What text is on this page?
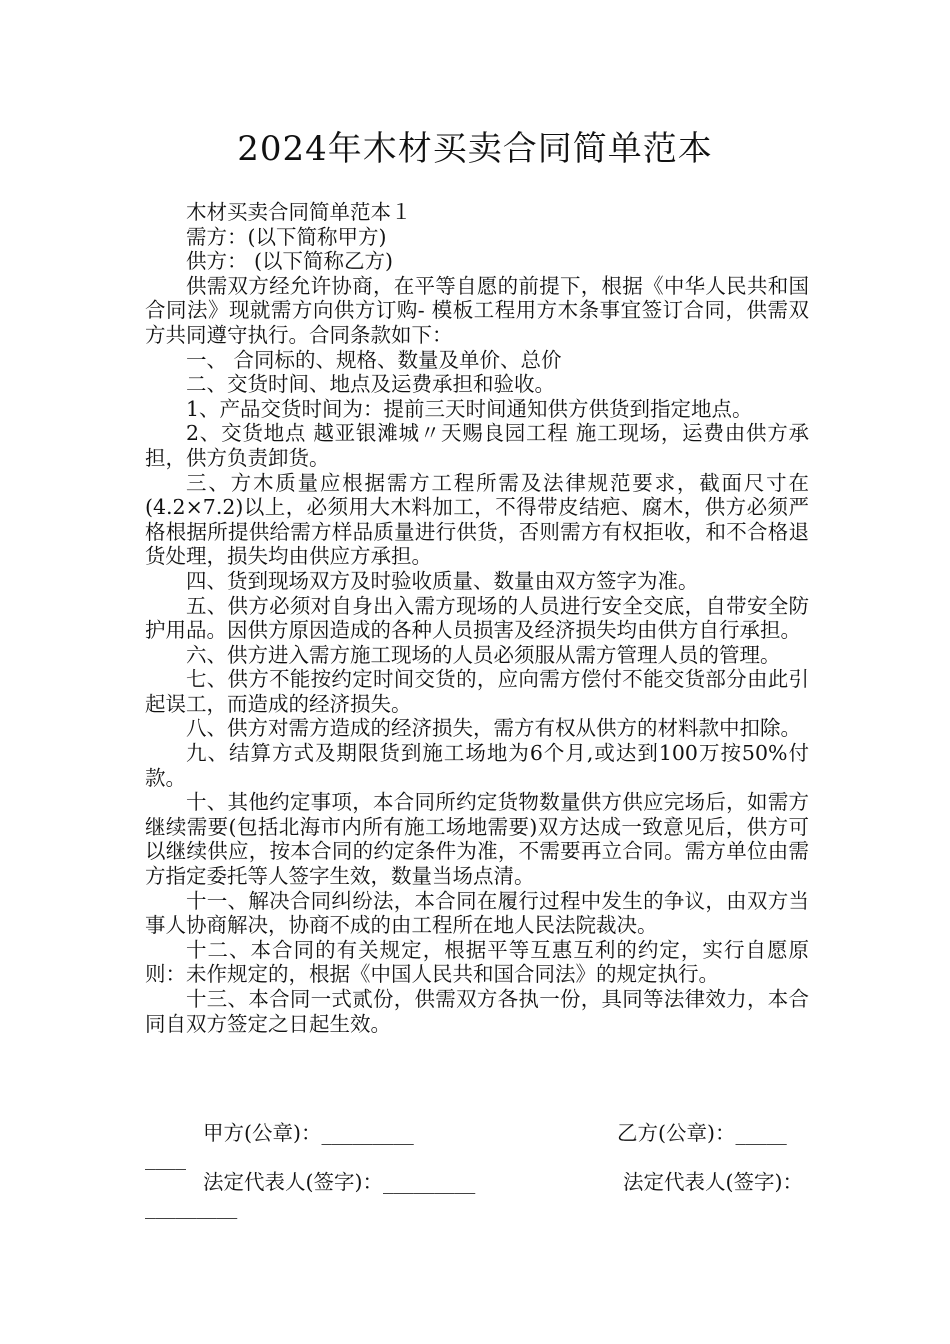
2024年木材买卖合同简单范本

木材买卖合同简单范本１

需方：(以下简称甲方)

供方： (以下简称乙方)

供需双方经允许协商，在平等自愿的前提下，根据《中华人民共和国合同法》现就需方向供方订购- 模板工程用方木条事宜签订合同，供需双方共同遵守执行。合同条款如下：

一、 合同标的、规格、数量及单价、总价

二、交货时间、地点及运费承担和验收。

1、产品交货时间为：提前三天时间通知供方供货到指定地点。

2、交货地点 越亚银滩城〃天赐良园工程 施工现场，运费由供方承担，供方负责卸货。

三、方木质量应根据需方工程所需及法律规范要求，截面尺寸在(4.2×7.2)以上，必须用大木料加工，不得带皮结疤、腐木，供方必须严格根据所提供给需方样品质量进行供货，否则需方有权拒收，和不合格退货处理，损失均由供应方承担。

四、货到现场双方及时验收质量、数量由双方签字为准。

五、供方必须对自身出入需方现场的人员进行安全交底，自带安全防护用品。因供方原因造成的各种人员损害及经济损失均由供方自行承担。

六、供方进入需方施工现场的人员必须服从需方管理人员的管理。

七、供方不能按约定时间交货的，应向需方偿付不能交货部分由此引起误工，而造成的经济损失。

八、供方对需方造成的经济损失，需方有权从供方的材料款中扣除。

九、结算方式及期限货到施工场地为6个月,或达到100万按50%付款。

十、其他约定事项，本合同所约定货物数量供方供应完场后，如需方继续需要(包括北海市内所有施工场地需要)双方达成一致意见后，供方可以继续供应，按本合同的约定条件为准，不需要再立合同。需方单位由需方指定委托等人签字生效，数量当场点清。

十一、解决合同纠纷法，本合同在履行过程中发生的争议，由双方当事人协商解决，协商不成的由工程所在地人民法院裁决。

十二、本合同的有关规定，根据平等互惠互利的约定，实行自愿原则：未作规定的，根据《中国人民共和国合同法》的规定执行。

十三、本合同一式贰份，供需双方各执一份，具同等法律效力，本合同自双方签定之日起生效。

甲方(公章)：_________	乙方(公章)：_____
____
法定代表人(签字)：_________	法定代表人(签字)：
_________
